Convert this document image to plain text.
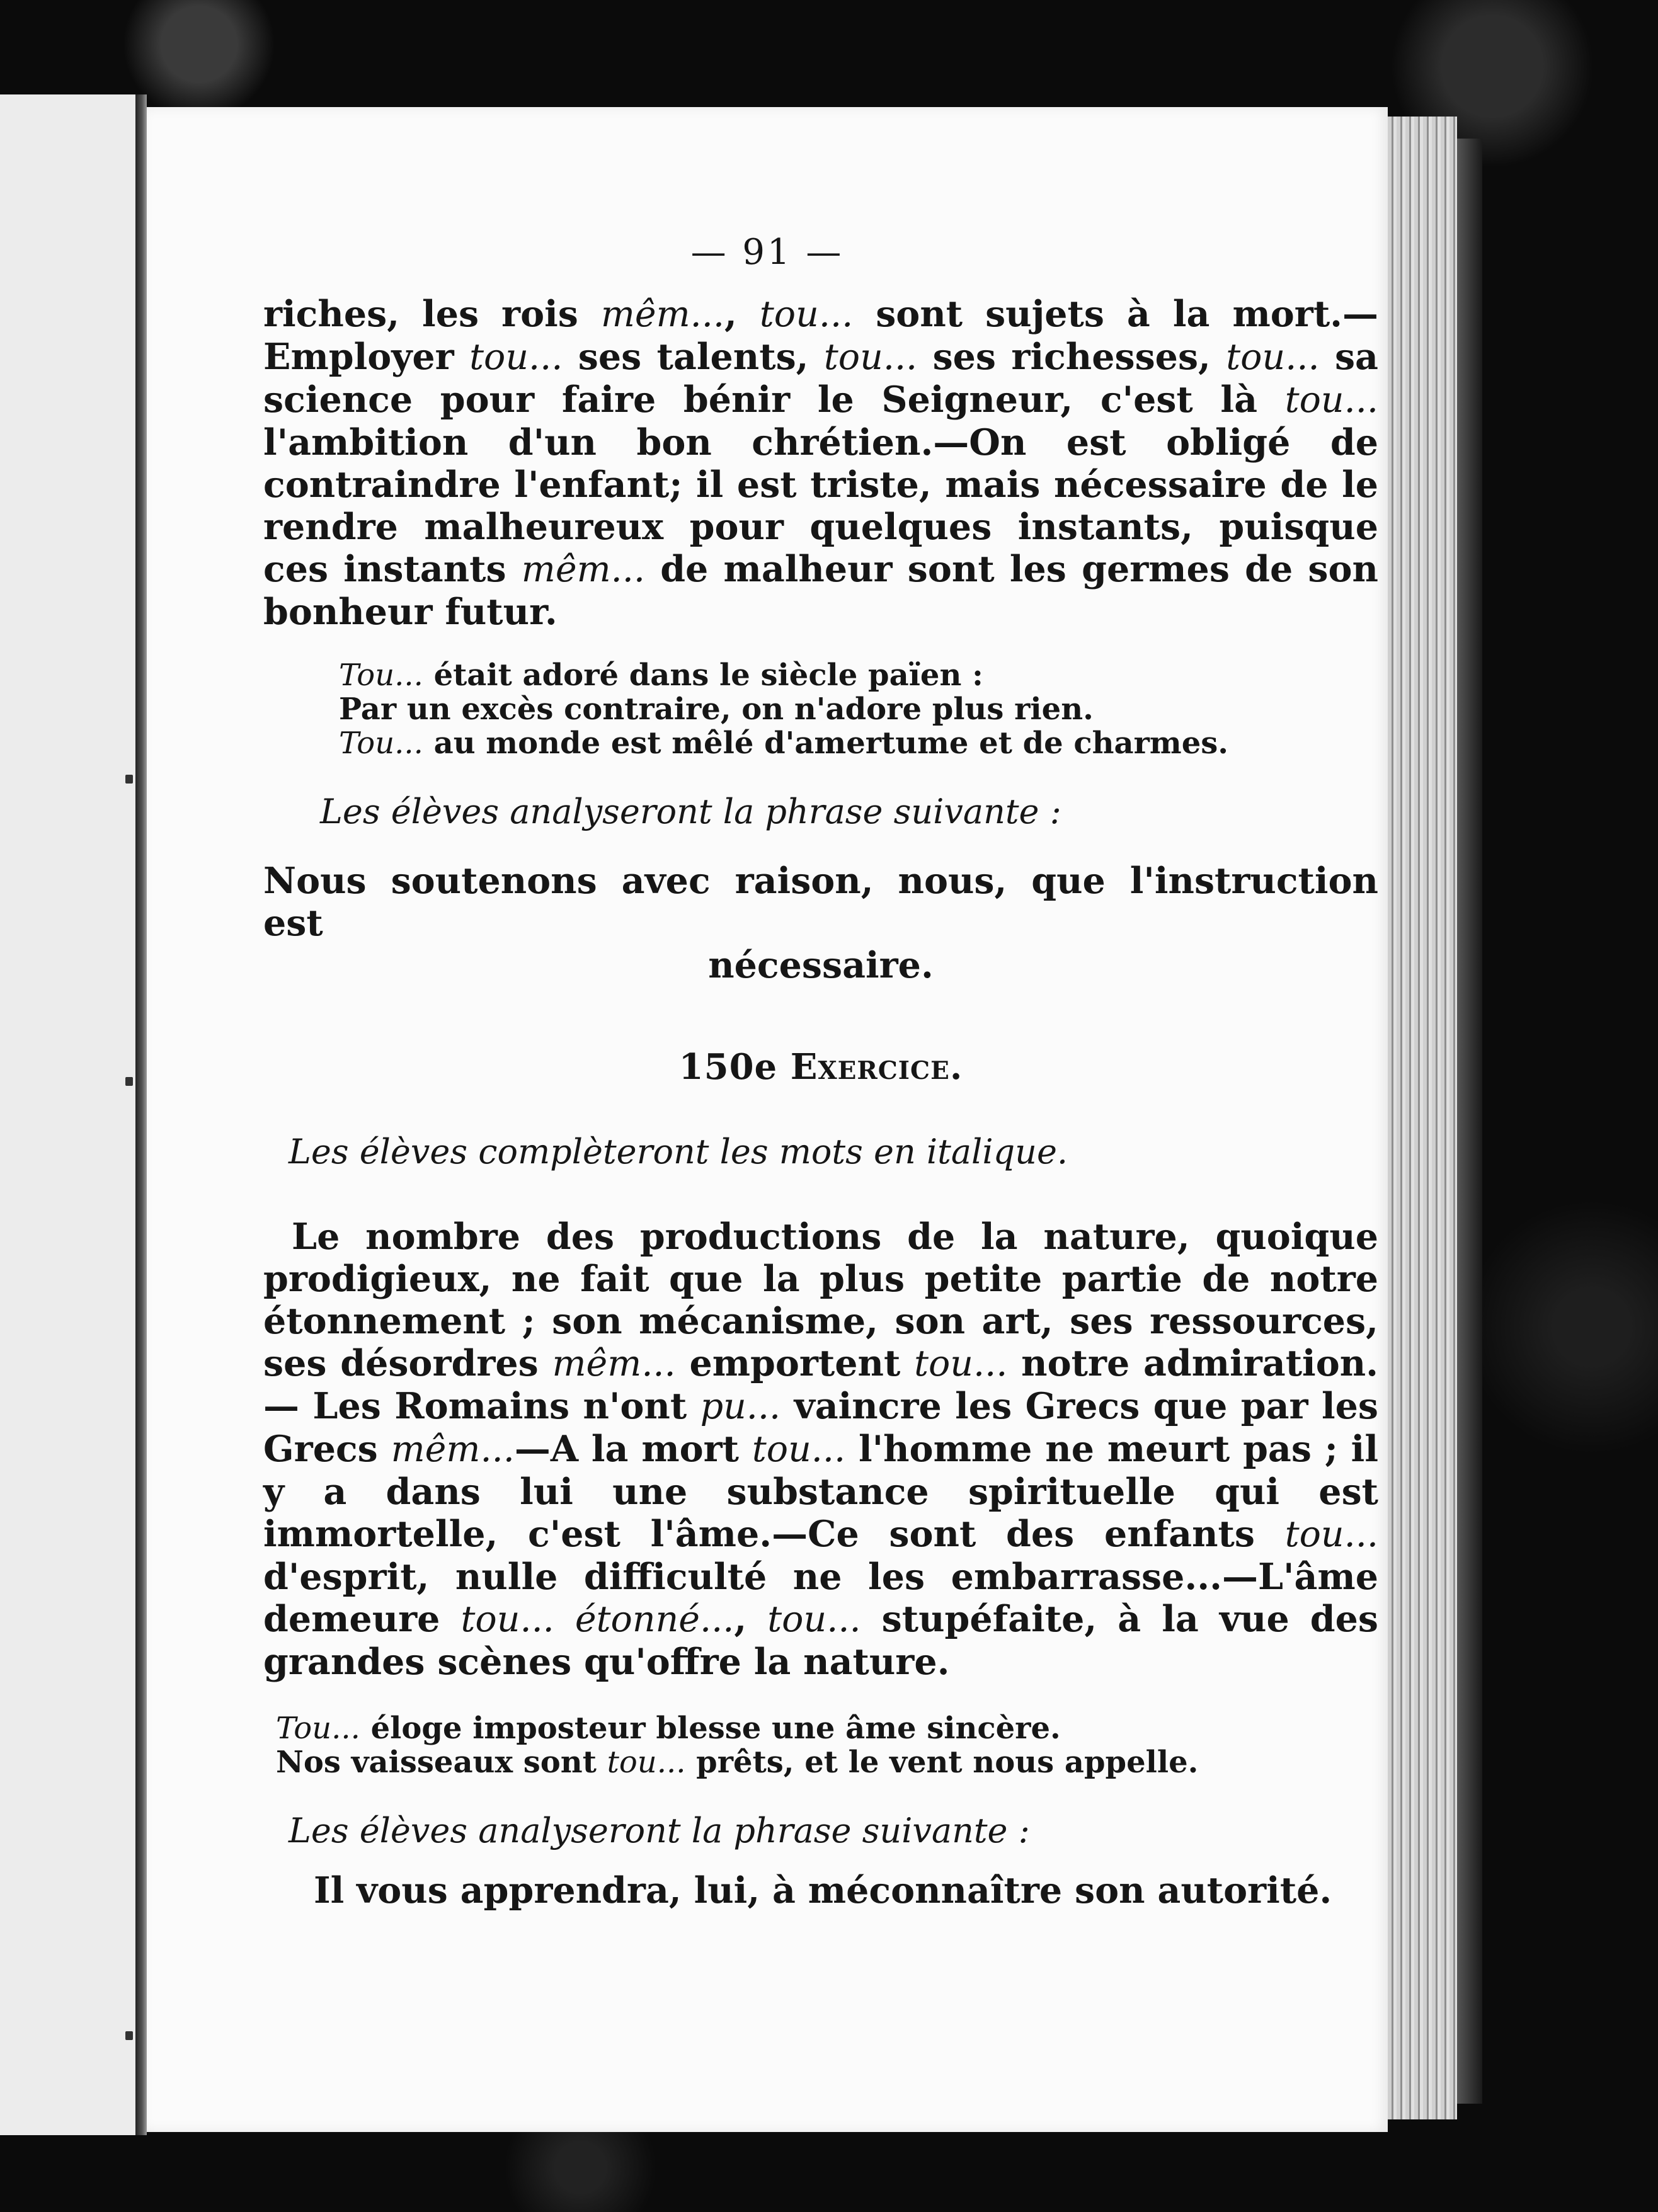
— 91 —

riches, les rois mêm..., tou... sont sujets à la mort.— Employer tou... ses talents, tou... ses richesses, tou... sa science pour faire bénir le Seigneur, c'est là tou... l'ambition d'un bon chrétien.—On est obligé de contraindre l'enfant; il est triste, mais nécessaire de le rendre malheureux pour quelques instants, puisque ces instants mêm... de malheur sont les germes de son bonheur futur.

Tou... était adoré dans le siècle païen :

Par un excès contraire, on n'adore plus rien.

Tou... au monde est mêlé d'amertume et de charmes.

Les élèves analyseront la phrase suivante :

Nous soutenons avec raison, nous, que l'instruction est

nécessaire.

150e Exercice.

Les élèves complèteront les mots en italique.

Le nombre des productions de la nature, quoique prodigieux, ne fait que la plus petite partie de notre étonnement ; son mécanisme, son art, ses ressources, ses désordres mêm... emportent tou... notre admiration.— Les Romains n'ont pu... vaincre les Grecs que par les Grecs mêm...—A la mort tou... l'homme ne meurt pas ; il y a dans lui une substance spirituelle qui est immortelle, c'est l'âme.—Ce sont des enfants tou... d'esprit, nulle difficulté ne les embarrasse...—L'âme demeure tou... étonné..., tou... stupéfaite, à la vue des grandes scènes qu'offre la nature.

Tou... éloge imposteur blesse une âme sincère.

Nos vaisseaux sont tou... prêts, et le vent nous appelle.

Les élèves analyseront la phrase suivante :

Il vous apprendra, lui, à méconnaître son autorité.
